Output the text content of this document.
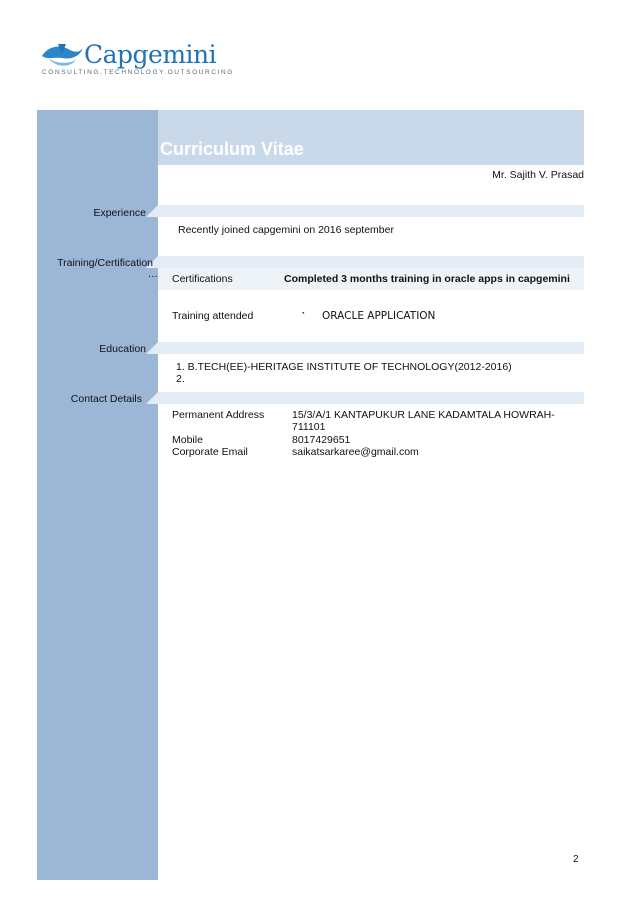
Capgemini
CONSULTING.TECHNOLOGY.OUTSOURCING
Curriculum Vitae
Mr. Sajith V. Prasad
Experience
Recently joined capgemini on 2016 september
Training/Certification
… Certifications	Completed 3 months training in oracle apps in capgemini
Training attended	▪ ORACLE APPLICATION
Education
1. B.TECH(EE)-HERITAGE INSTITUTE OF TECHNOLOGY(2012-2016)
2.
Contact Details
Permanent Address	15/3/A/1 KANTAPUKUR LANE KADAMTALA HOWRAH-
711101
Mobile	8017429651
Corporate Email	saikatsarkaree@gmail.com
2
